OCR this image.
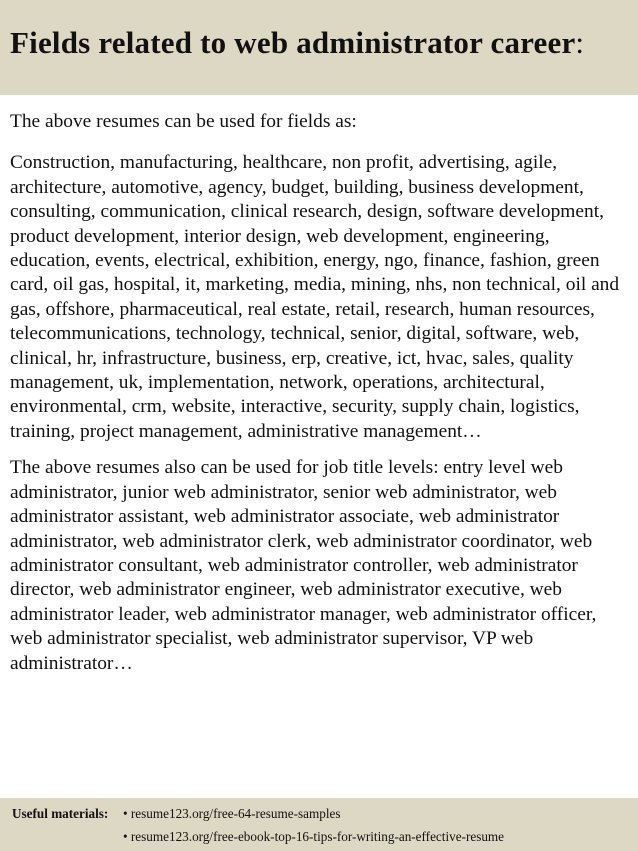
Fields related to web administrator career:

The above resumes can be used for fields as:

Construction, manufacturing, healthcare, non profit, advertising, agile, architecture, automotive, agency, budget, building, business development, consulting, communication, clinical research, design, software development, product development, interior design, web development, engineering, education, events, electrical, exhibition, energy, ngo, finance, fashion, green card, oil gas, hospital, it, marketing, media, mining, nhs, non technical, oil and gas, offshore, pharmaceutical, real estate, retail, research, human resources, telecommunications, technology, technical, senior, digital, software, web, clinical, hr, infrastructure, business, erp, creative, ict, hvac, sales, quality management, uk, implementation, network, operations, architectural, environmental, crm, website, interactive, security, supply chain, logistics, training, project management, administrative management…

The above resumes also can be used for job title levels: entry level web administrator, junior web administrator, senior web administrator, web administrator assistant, web administrator associate, web administrator administrator, web administrator clerk, web administrator coordinator, web administrator consultant, web administrator controller, web administrator director, web administrator engineer, web administrator executive, web administrator leader, web administrator manager, web administrator officer, web administrator specialist, web administrator supervisor, VP web administrator…

Useful materials: • resume123.org/free-64-resume-samples
• resume123.org/free-ebook-top-16-tips-for-writing-an-effective-resume
